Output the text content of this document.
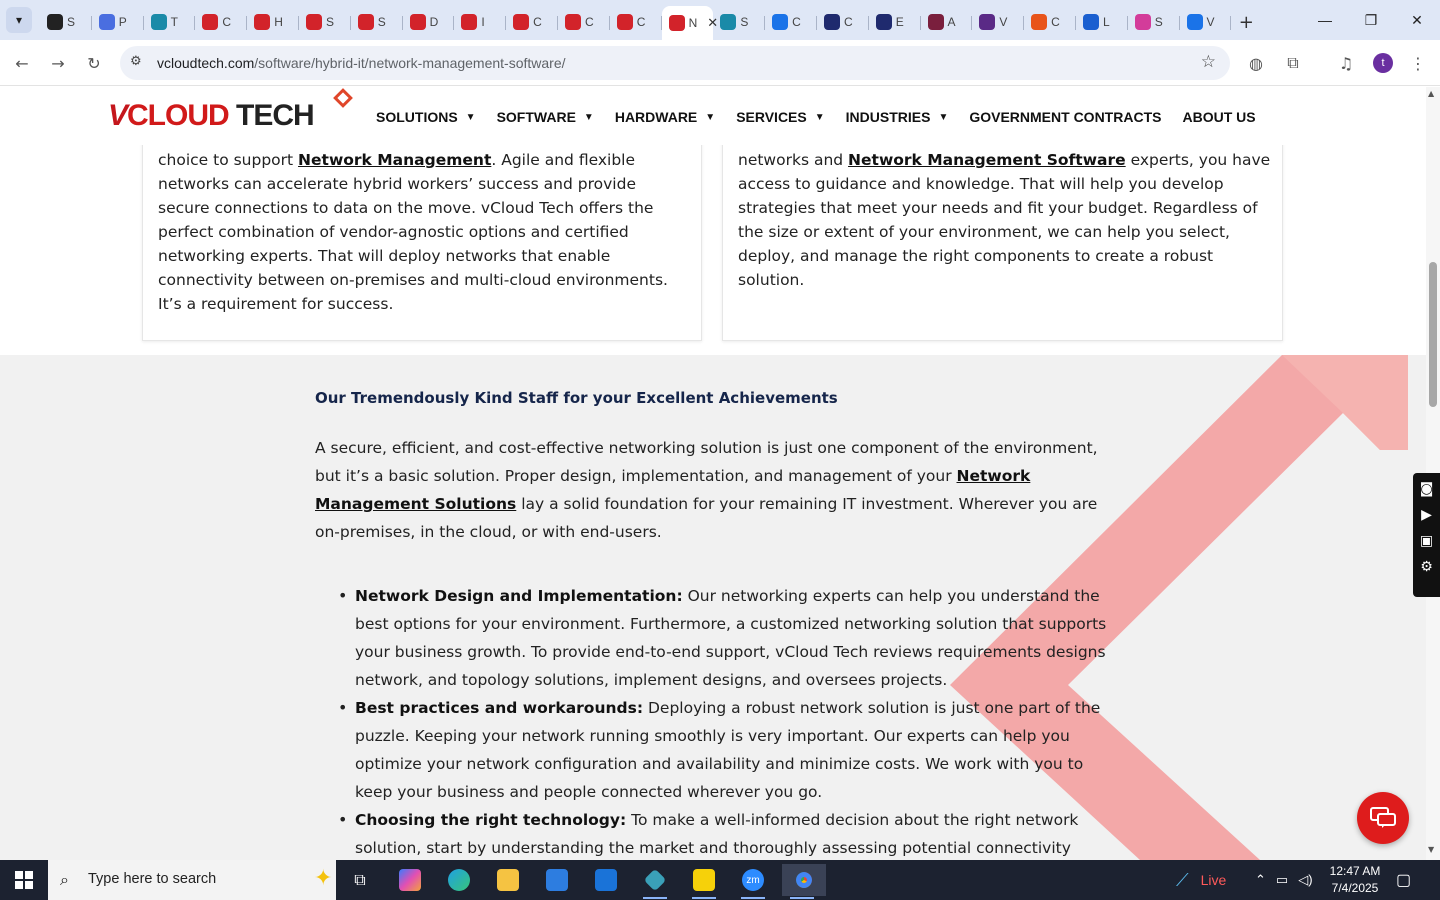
▾	S	P	T	C	H	S	S	D	I	C	C	C	N ✕ S	C	C	E	A	V	C	L	S	V	+	—	❐	✕
←	→	↻	⚙ vcloudtech.com/software/hybrid-it/network-management-software/	☆	◍	⧉	♫	t	⋮

choice to support Network Management. Agile and flexible networks can accelerate hybrid workers’ success and provide secure connections to data on the move. vCloud Tech offers the perfect combination of vendor-agnostic options and certified networking experts. That will deploy networks that enable connectivity between on-premises and multi-cloud environments. It’s a requirement for success.

networks and Network Management Software experts, you have access to guidance and knowledge. That will help you develop strategies that meet your needs and fit your budget. Regardless of the size or extent of your environment, we can help you select, deploy, and manage the right components to create a robust solution.

VCLOUD TECH	SOLUTIONS ▼ SOFTWARE ▼ HARDWARE ▼ SERVICES ▼ INDUSTRIES ▼ GOVERNMENT CONTRACTS ABOUT US
Our Tremendously Kind Staff for your Excellent Achievements

A secure, efficient, and cost-effective networking solution is just one component of the environment, but it’s a basic solution. Proper design, implementation, and management of your Network Management Solutions lay a solid foundation for your remaining IT investment. Wherever you are on-premises, in the cloud, or with end-users.

• Network Design and Implementation: Our networking experts can help you understand the best options for your environment. Furthermore, a customized networking solution that supports your business growth. To provide end-to-end support, vCloud Tech reviews requirements designs network, and topology solutions, implement designs, and oversees projects.
• Best practices and workarounds: Deploying a robust network solution is just one part of the puzzle. Keeping your network running smoothly is very important. Our experts can help you optimize your network configuration and availability and minimize costs. We work with you to keep your business and people connected wherever you go.
• Choosing the right technology: To make a well-informed decision about the right network solution, start by understanding the market and thoroughly assessing potential connectivity
▲
▼
◙
▶
▣
⚙
⌕ Type here to search	✦ ⧉	zm	⟋ Live ⌃ ▭ ◁)
12:47 AM
7/4/2025	▢
